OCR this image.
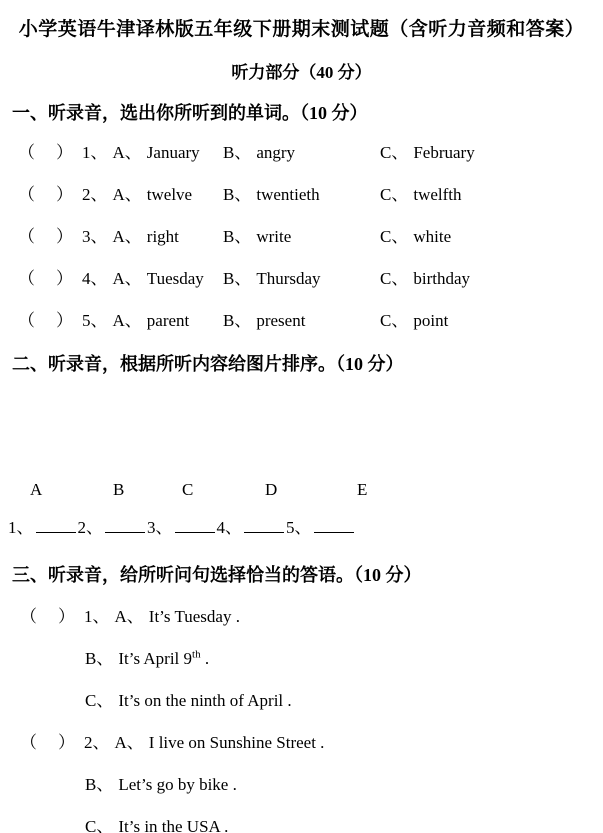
小学英语牛津译林版五年级下册期末测试题（含听力音频和答案）
听力部分（40 分）
一、听录音，选出你所听到的单词。（10 分）
（　） 1、 A、 January	B、 angry	C、 February
（　） 2、 A、 twelve	B、 twentieth	C、 twelfth
（　） 3、 A、 right	B、 write	C、 white
（　） 4、 A、 Tuesday	B、 Thursday	C、 birthday
（　） 5、 A、 parent	B、 present	C、 point
二、听录音，根据所听内容给图片排序。（10 分）
A	B	C	D	E
1、	2、	3、	4、	5、
三、听录音，给所听问句选择恰当的答语。（10 分）
（　） 1、 A、 It’s Tuesday .
B、 It’s April 9th .
C、 It’s on the ninth of April .
（　） 2、 A、 I live on Sunshine Street .
B、 Let’s go by bike .
C、 It’s in the USA .
